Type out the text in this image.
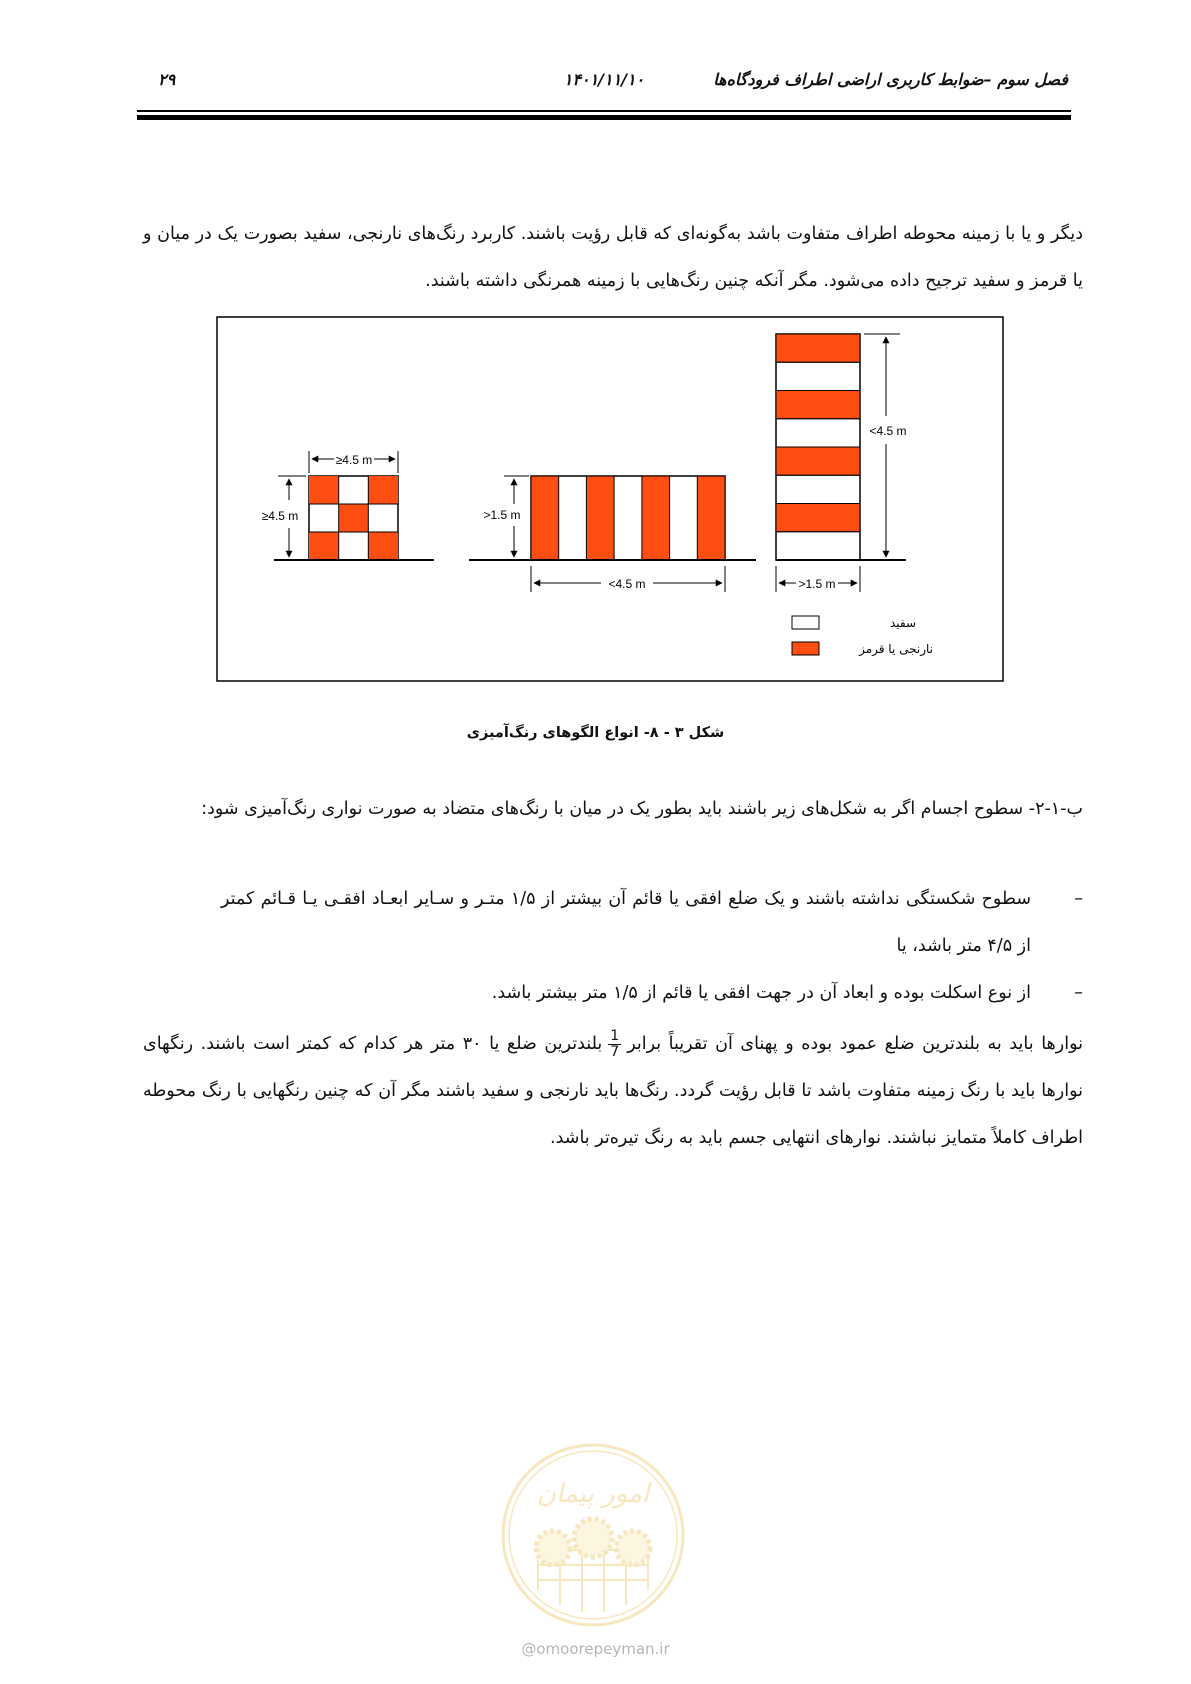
فصل سوم –ضوابط کاربری اراضی اطراف فرودگاه‌ها
۱۴۰۱/۱۱/۱۰
۲۹

دیگر و یا با زمینه محوطه اطراف متفاوت باشد به‌گونه‌ای که قابل رؤیت باشند. کاربرد رنگ‌های نارنجی، سفید بصورت یک در میان و یا قرمز و سفید ترجیح داده می‌شود. مگر آنکه چنین رنگ‌هایی با زمینه همرنگی داشته باشند.

≥4.5 m
≥4.5 m	>1.5 m
<4.5 m
<4.5 m
>1.5 m
سفید
نارنجی یا قرمز
شکل ۳ - ۸- انواع الگوهای رنگ‌آمیزی

ب-۱-۲- سطوح اجسام اگر به شکل‌های زیر باشند باید بطور یک در میان با رنگ‌های متضاد به صورت نواری رنگ‌آمیزی شود:

–

سطوح شکستگی نداشته باشند و یک ضلع افقی یا قائم آن بیشتر از ۱/۵ متـر و سـایر ابعـاد افقـی یـا قـائم کمتر از ۴/۵ متر باشد، یا

–

از نوع اسکلت بوده و ابعاد آن در جهت افقی یا قائم از ۱/۵ متر بیشتر باشد.

نوارها باید به بلندترین ضلع عمود بوده و پهنای آن تقریباً برابر
$\frac{1}{7}$
بلندترین ضلع یا ۳۰ متر هر کدام که کمتر است باشند. رنگهای نوارها باید با رنگ زمینه متفاوت باشد تا قابل رؤیت گردد. رنگ‌ها باید نارنجی و سفید باشند مگر آن که چنین رنگهایی با رنگ محوطه اطراف کاملاً متمایز نباشند. نوارهای انتهایی جسم باید به رنگ تیره‌تر باشد.

امور پیمان
@omoorepeyman.ir
